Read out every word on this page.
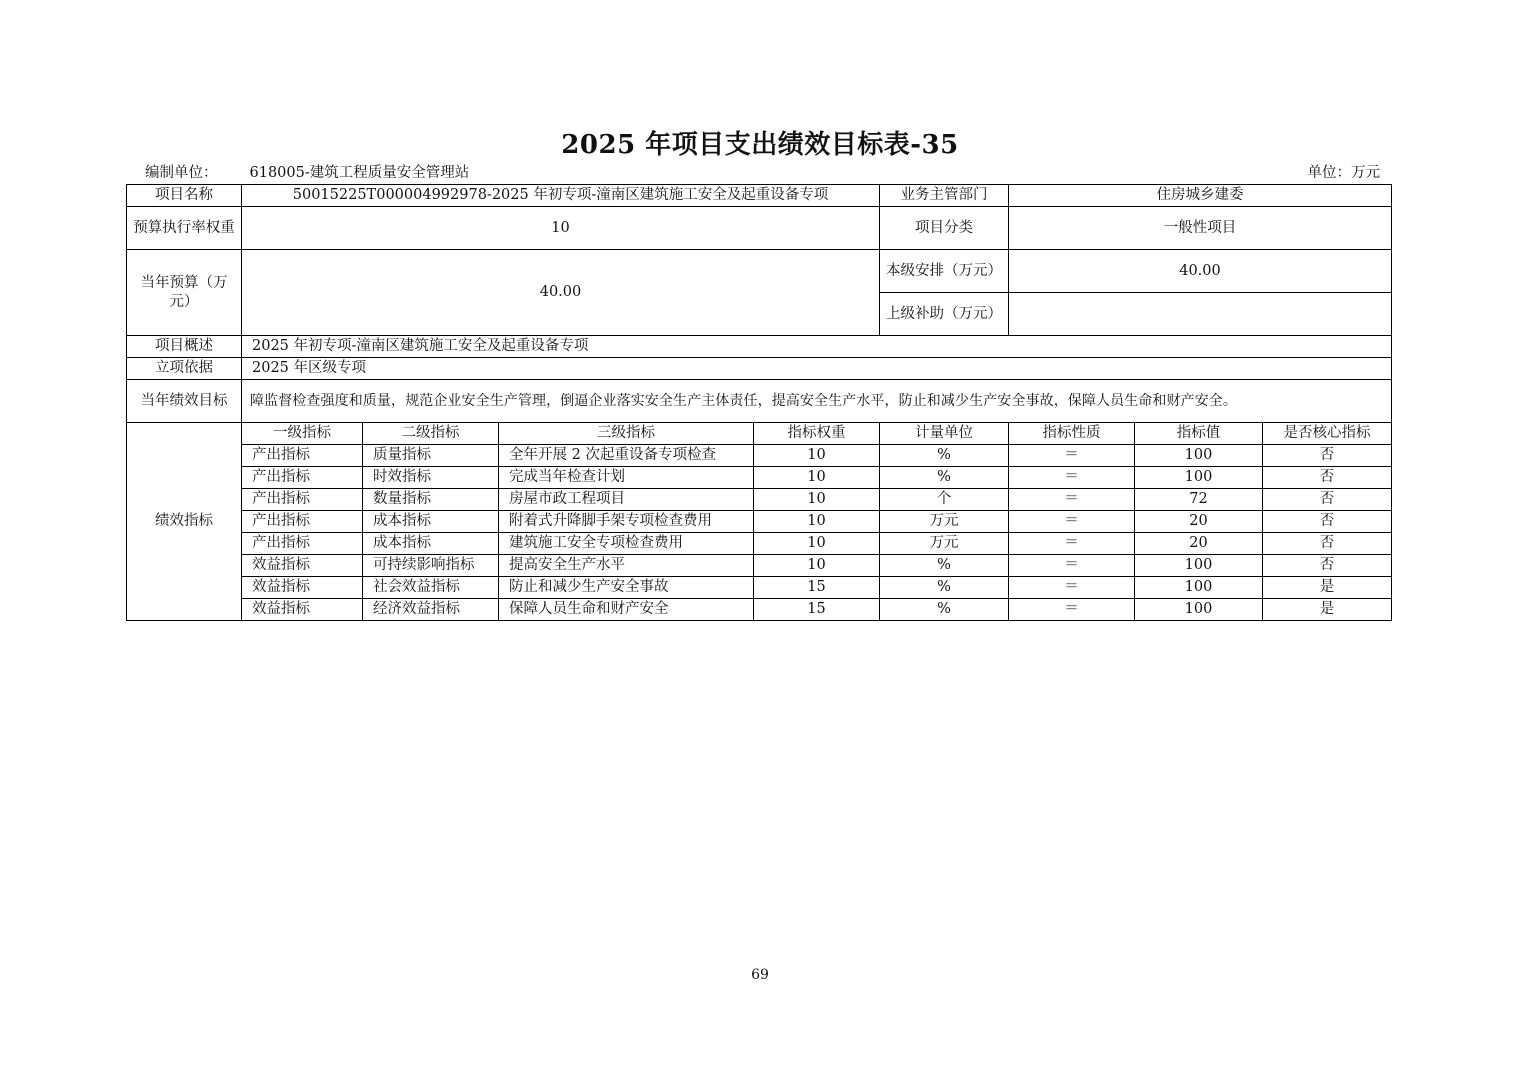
2025 年项目支出绩效目标表-35
编制单位： 618005-建筑工程质量安全管理站	单位：万元
项目名称	50015225T000004992978-2025 年初专项-潼南区建筑施工安全及起重设备专项				业务主管部门	住房城乡建委		
预算执行率权重	10				项目分类	一般性项目		
当年预算（万元）	40.00				本级安排（万元）	40.00		
					上级补助（万元）			
项目概述	2025 年初专项-潼南区建筑施工安全及起重设备专项							
立项依据	2025 年区级专项							
当年绩效目标	障监督检查强度和质量，规范企业安全生产管理，倒逼企业落实安全生产主体责任，提高安全生产水平，防止和减少生产安全事故，保障人员生命和财产安全。							
绩效指标	一级指标	二级指标	三级指标	指标权重	计量单位	指标性质	指标值	是否核心指标
	产出指标	质量指标	全年开展 2 次起重设备专项检查	10	%	＝	100	否
	产出指标	时效指标	完成当年检查计划	10	%	＝	100	否
	产出指标	数量指标	房屋市政工程项目	10	个	＝	72	否
	产出指标	成本指标	附着式升降脚手架专项检查费用	10	万元	＝	20	否
	产出指标	成本指标	建筑施工安全专项检查费用	10	万元	＝	20	否
	效益指标	可持续影响指标	提高安全生产水平	10	%	＝	100	否
	效益指标	社会效益指标	防止和减少生产安全事故	15	%	＝	100	是
	效益指标	经济效益指标	保障人员生命和财产安全	15	%	＝	100	是
69
